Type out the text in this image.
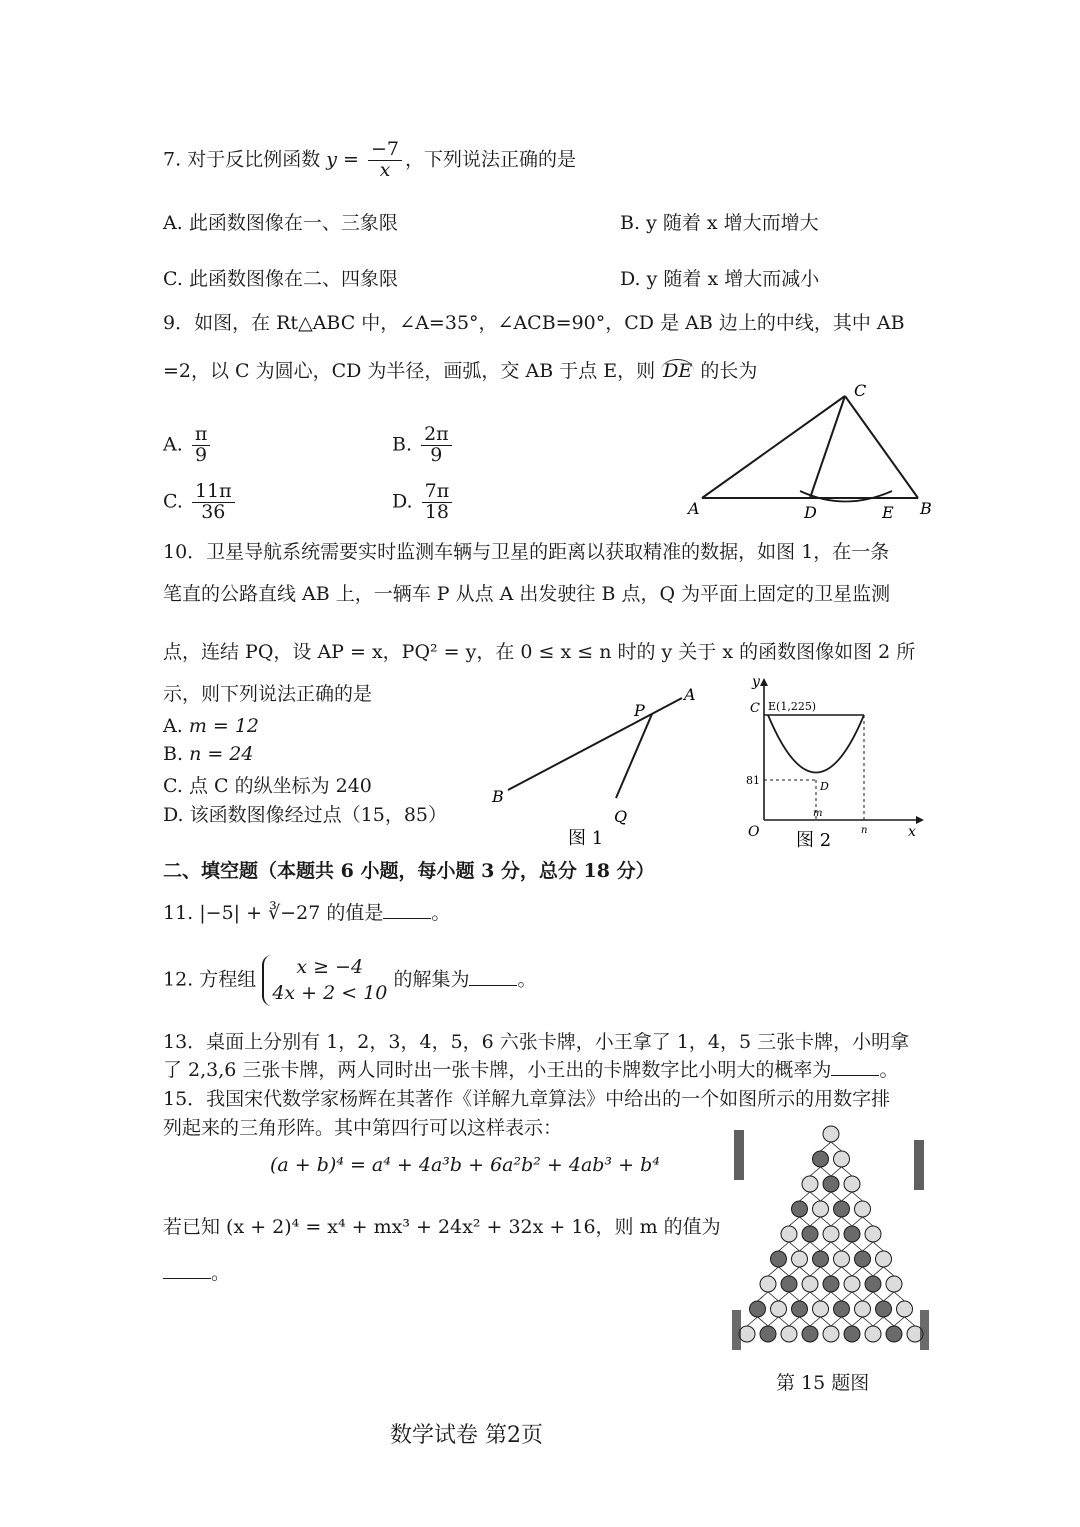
7. 对于反比例函数 $y = \frac{-7}{x}$ ，下列说法正确的是
A. 此函数图像在一、三象限	B. y 随着 x 增大而增大
C. 此函数图像在二、四象限	D. y 随着 x 增大而减小
9．如图，在 Rt△ABC 中，∠A=35°，∠ACB=90°，CD 是 AB 边上的中线，其中 AB
=2，以 C 为圆心，CD 为半径，画弧，交 AB 于点 E，则 DE 的长为
A. $\frac{\pi}{9}$	B. $\frac{2\pi}{9}$
C. $\frac{11\pi}{36}$	D. $\frac{7\pi}{18}$
C
A	B
D	E
10．卫星导航系统需要实时监测车辆与卫星的距离以获取精准的数据，如图 1，在一条
笔直的公路直线 AB 上，一辆车 P 从点 A 出发驶往 B 点，Q 为平面上固定的卫星监测
点，连结 PQ，设 AP = x，PQ² = y，在 0 ≤ x ≤ n 时的 y 关于 x 的函数图像如图 2 所
示，则下列说法正确的是
A. m = 12
B. n = 24
C. 点 C 的纵坐标为 240
D. 该函数图像经过点（15，85）
A
B
P
Q
图 1
y
x
O
C E(1,225)
D
81
m
n
图 2
二、填空题（本题共 6 小题，每小题 3 分，总分 18 分）
11. |−5| + ∛−27 的值是	。
12. 方程组
x ≥ −4
4x + 2 < 10
的解集为	。
13．桌面上分别有 1，2，3，4，5，6 六张卡牌，小王拿了 1，4，5 三张卡牌，小明拿
了 2,3,6 三张卡牌，两人同时出一张卡牌，小王出的卡牌数字比小明大的概率为	。
15．我国宋代数学家杨辉在其著作《详解九章算法》中给出的一个如图所示的用数字排
列起来的三角形阵。其中第四行可以这样表示：
(a + b)⁴ = a⁴ + 4a³b + 6a²b² + 4ab³ + b⁴
若已知 (x + 2)⁴ = x⁴ + mx³ + 24x² + 32x + 16，则 m 的值为
。
第 15 题图
数学试卷 第2页
